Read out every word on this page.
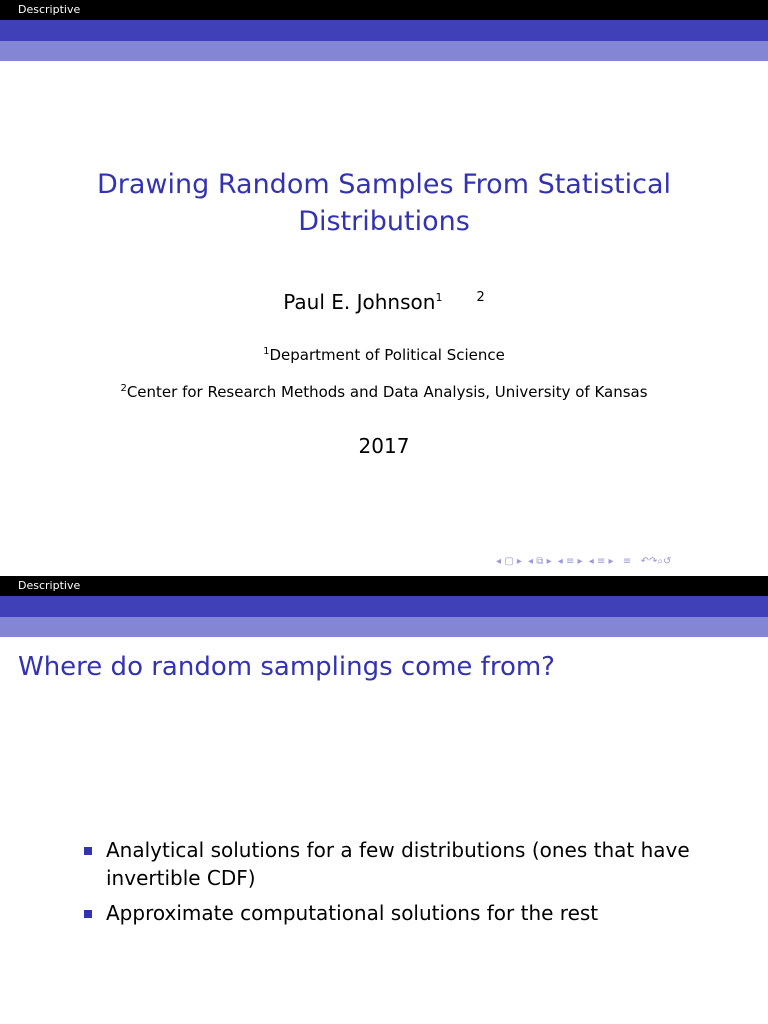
Descriptive
Drawing Random Samples From Statistical Distributions
Paul E. Johnson$^1$	$^2$
$^1$Department of Political Science
$^2$Center for Research Methods and Data Analysis, University of Kansas
2017
◂ ▢ ▸ ◂ ⧉ ▸ ◂ ≡ ▸ ◂ ≡ ▸  ≡  ↶↷⌕↺
Descriptive
Where do random samplings come from?
Analytical solutions for a few distributions (ones that have invertible CDF)
Approximate computational solutions for the rest
